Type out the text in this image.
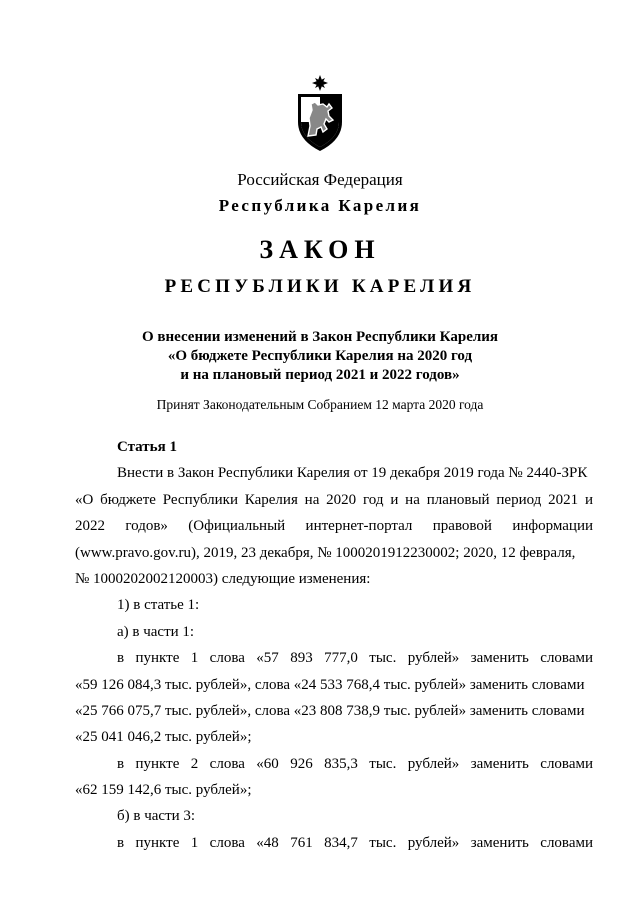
Российская Федерация
Республика Карелия
ЗАКОН
РЕСПУБЛИКИ КАРЕЛИЯ
О внесении изменений в Закон Республики Карелия
«О бюджете Республики Карелия на 2020 год
и на плановый период 2021 и 2022 годов»
Принят Законодательным Собранием 12 марта 2020 года
Статья 1
Внести в Закон Республики Карелия от 19 декабря 2019 года № 2440-ЗРК
«О бюджете Республики Карелия на 2020 год и на плановый период 2021 и
2022 годов» (Официальный интернет-портал правовой информации
(www.pravo.gov.ru), 2019, 23 декабря, № 1000201912230002; 2020, 12 февраля,
№ 1000202002120003) следующие изменения:
1) в статье 1:
а) в части 1:
в пункте 1 слова «57 893 777,0 тыс. рублей» заменить словами
«59 126 084,3 тыс. рублей», слова «24 533 768,4 тыс. рублей» заменить словами
«25 766 075,7 тыс. рублей», слова «23 808 738,9 тыс. рублей» заменить словами
«25 041 046,2 тыс. рублей»;
в пункте 2 слова «60 926 835,3 тыс. рублей» заменить словами
«62 159 142,6 тыс. рублей»;
б) в части 3:
в пункте 1 слова «48 761 834,7 тыс. рублей» заменить словами
